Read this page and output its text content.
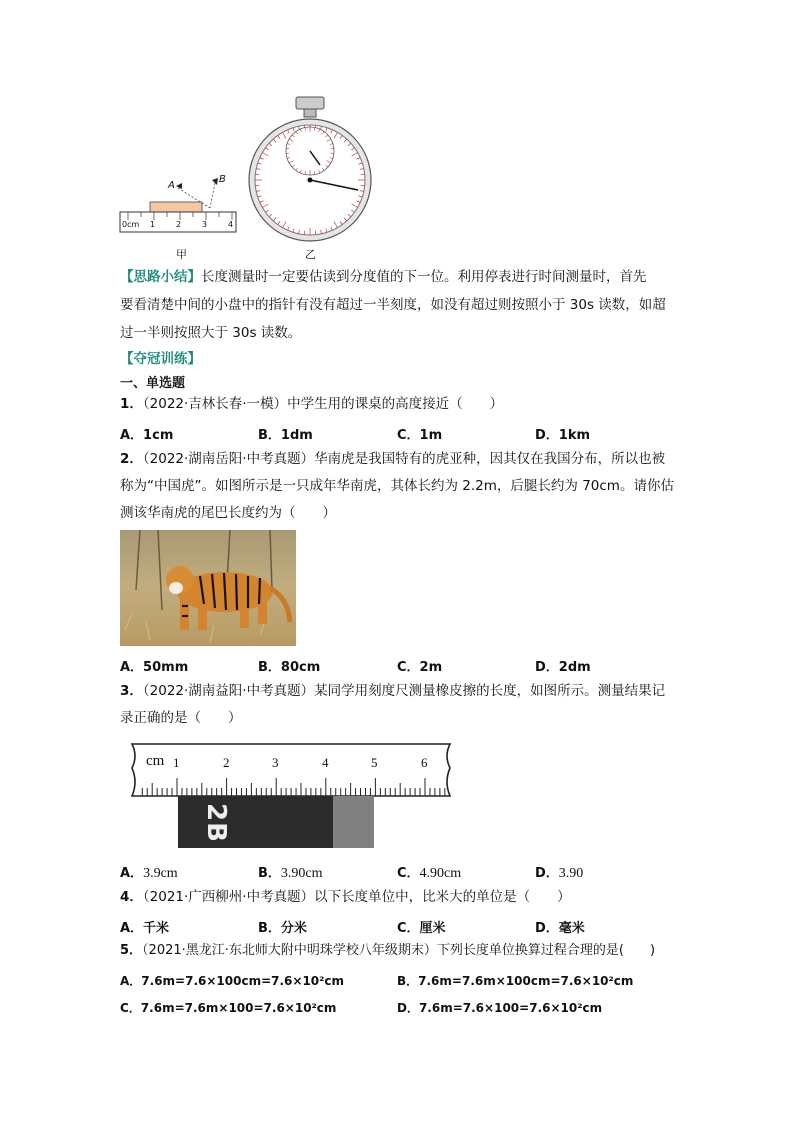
A
B
0cm 1	2	3	4
甲	乙
【思路小结】长度测量时一定要估读到分度值的下一位。利用停表进行时间测量时，首先
要看清楚中间的小盘中的指针有没有超过一半刻度，如没有超过则按照小于 30s 读数，如超
过一半则按照大于 30s 读数。
【夺冠训练】
一、单选题
1．（2022·吉林长春·一模）中学生用的课桌的高度接近（　　）
A．1cm	B．1dm	C．1m	D．1km
2．（2022·湖南岳阳·中考真题）华南虎是我国特有的虎亚种，因其仅在我国分布，所以也被
称为“中国虎”。如图所示是一只成年华南虎，其体长约为 2.2m，后腿长约为 70cm。请你估
测该华南虎的尾巴长度约为（　　）
A．50mm	B．80cm	C．2m	D．2dm
3．（2022·湖南益阳·中考真题）某同学用刻度尺测量橡皮擦的长度，如图所示。测量结果记
录正确的是（　　）
cm 1	2	3	4	5	6
2B
A．3.9cm	B．3.90cm	C．4.90cm	D．3.90
4．（2021·广西柳州·中考真题）以下长度单位中，比米大的单位是（　　）
A．千米	B．分米	C．厘米	D．毫米
5．（2021·黑龙江·东北师大附中明珠学校八年级期末）下列长度单位换算过程合理的是(　　)
A．7.6m=7.6×100cm=7.6×10²cm	B．7.6m=7.6m×100cm=7.6×10²cm
C．7.6m=7.6m×100=7.6×10²cm	D．7.6m=7.6×100=7.6×10²cm
